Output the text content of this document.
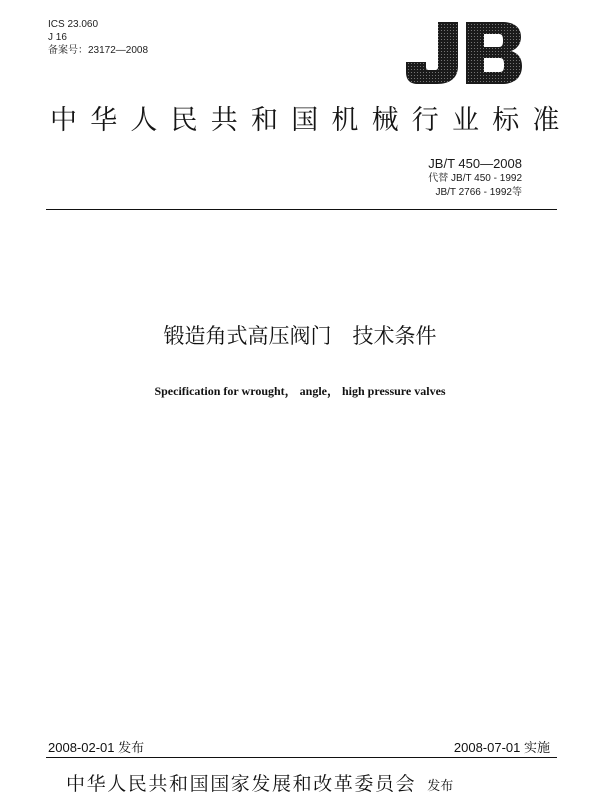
ICS 23.060
J 16
备案号：23172—2008
中华人民共和国机械行业标准
JB/T 450—2008
代替 JB/T 450 - 1992
JB/T 2766 - 1992等
锻造角式高压阀门　技术条件
Specification for wrought， angle， high pressure valves
2008-02-01 发布	2008-07-01 实施
中华人民共和国国家发展和改革委员会 发布
